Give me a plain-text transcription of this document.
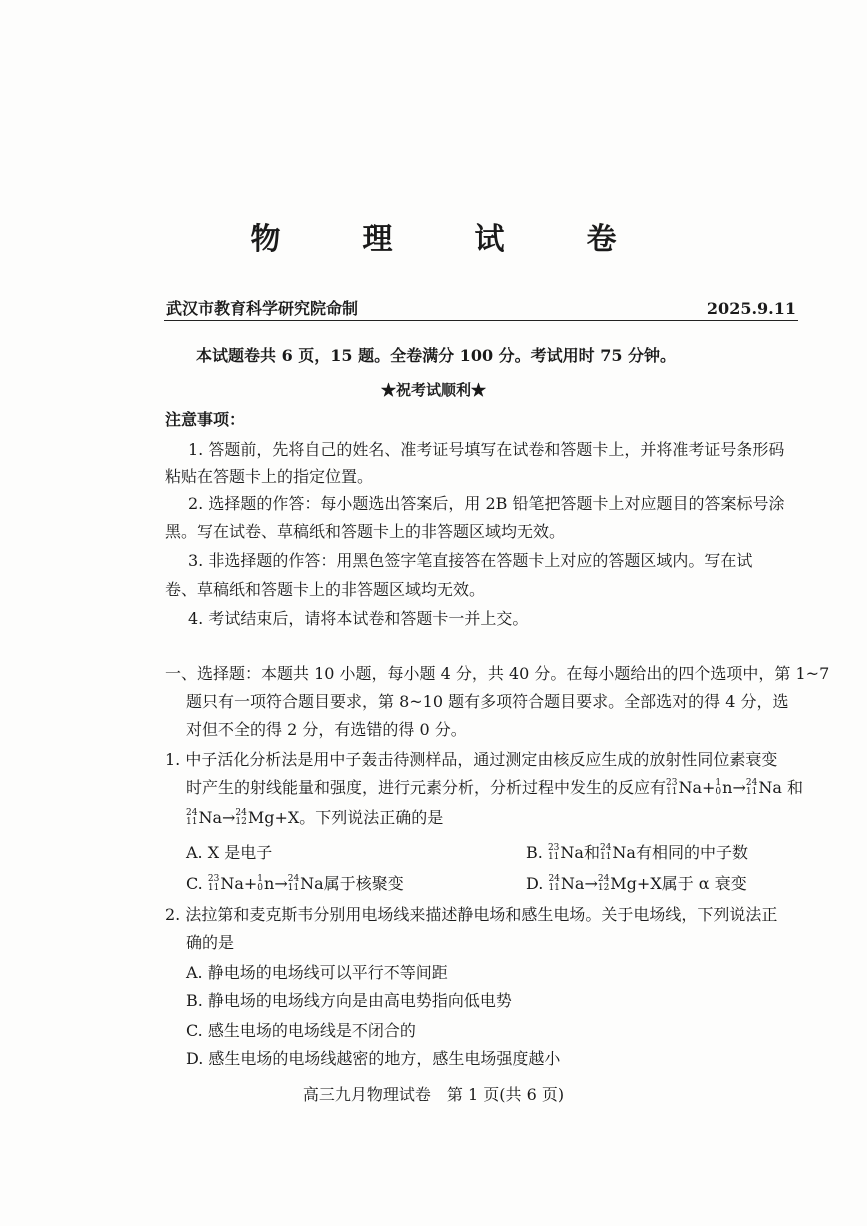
物　理　试　卷
武汉市教育科学研究院命制	2025.9.11
本试题卷共 6 页，15 题。全卷满分 100 分。考试用时 75 分钟。
★祝考试顺利★
注意事项：
1. 答题前，先将自己的姓名、准考证号填写在试卷和答题卡上，并将准考证号条形码
粘贴在答题卡上的指定位置。
2. 选择题的作答：每小题选出答案后，用 2B 铅笔把答题卡上对应题目的答案标号涂
黑。写在试卷、草稿纸和答题卡上的非答题区域均无效。
3. 非选择题的作答：用黑色签字笔直接答在答题卡上对应的答题区域内。写在试
卷、草稿纸和答题卡上的非答题区域均无效。
4. 考试结束后，请将本试卷和答题卡一并上交。
一、选择题：本题共 10 小题，每小题 4 分，共 40 分。在每小题给出的四个选项中，第 1~7
题只有一项符合题目要求，第 8~10 题有多项符合题目要求。全部选对的得 4 分，选
对但不全的得 2 分，有选错的得 0 分。
1. 中子活化分析法是用中子轰击待测样品，通过测定由核反应生成的放射性同位素衰变
时产生的射线能量和强度，进行元素分析，分析过程中发生的反应有 23
11 Na+ 1
0 n→ 24
11 Na 和
24
11 Na→ 24
12 Mg+X。下列说法正确的是
A. X 是电子	B. 23
11 Na和 24
11 Na有相同的中子数
C. 23
11 Na+ 1
0 n→ 24
11 Na属于核聚变	D. 24
11 Na→ 24
12 Mg+X属于 α 衰变
2. 法拉第和麦克斯韦分别用电场线来描述静电场和感生电场。关于电场线，下列说法正
确的是
A. 静电场的电场线可以平行不等间距
B. 静电场的电场线方向是由高电势指向低电势
C. 感生电场的电场线是不闭合的
D. 感生电场的电场线越密的地方，感生电场强度越小
高三九月物理试卷　第 1 页(共 6 页)
